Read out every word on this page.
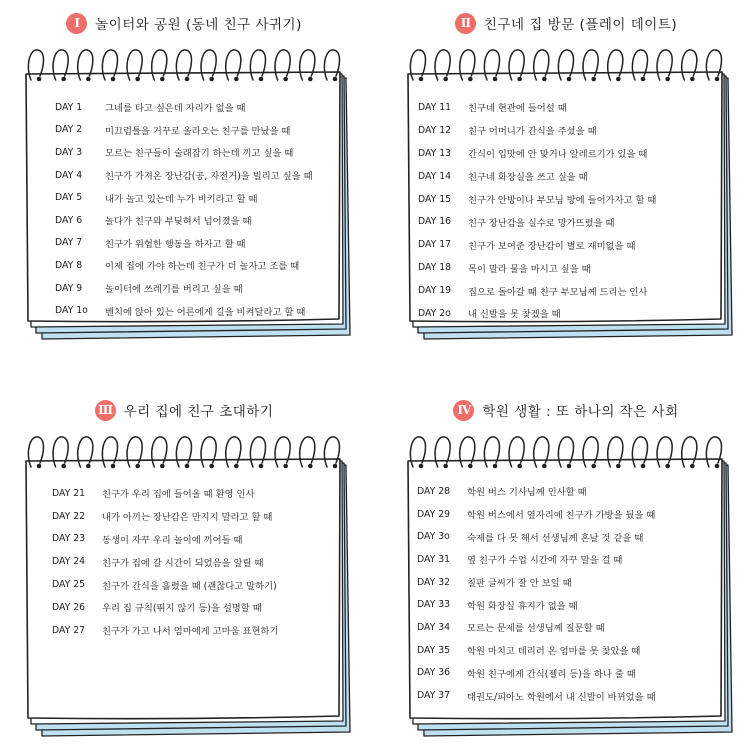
I	놀이터와 공원 (동네 친구 사귀기)
DAY 1	그네를 타고 싶은데 자리가 없을 때
DAY 2	미끄럼틀을 거꾸로 올라오는 친구를 만났을 때
DAY 3	모르는 친구들이 술래잡기 하는데 끼고 싶을 때
DAY 4	친구가 가져온 장난감(공, 자전거)을 빌리고 싶을 때
DAY 5	내가 놀고 있는데 누가 비키라고 할 때
DAY 6	놀다가 친구와 부딪혀서 넘어졌을 때
DAY 7	친구가 위험한 행동을 하자고 할 때
DAY 8	이제 집에 가야 하는데 친구가 더 놀자고 조를 때
DAY 9	놀이터에 쓰레기를 버리고 싶을 때
DAY 1o	벤치에 앉아 있는 어른에게 길을 비켜달라고 할 때
II	친구네 집 방문 (플레이 데이트)
DAY 11	친구네 현관에 들어설 때
DAY 12	친구 어머니가 간식을 주셨을 때
DAY 13	간식이 입맛에 안 맞거나 알레르기가 있을 때
DAY 14	친구네 화장실을 쓰고 싶을 때
DAY 15	친구가 안방이나 부모님 방에 들어가자고 할 때
DAY 16	친구 장난감을 실수로 망가뜨렸을 때
DAY 17	친구가 보여준 장난감이 별로 재미없을 때
DAY 18	목이 말라 물을 마시고 싶을 때
DAY 19	집으로 돌아갈 때 친구 부모님께 드리는 인사
DAY 2o	내 신발을 못 찾겠을 때
III 우리 집에 친구 초대하기
DAY 21	친구가 우리 집에 들어올 때 환영 인사
DAY 22	내가 아끼는 장난감은 만지지 말라고 할 때
DAY 23	동생이 자꾸 우리 놀이에 끼어들 때
DAY 24	친구가 집에 갈 시간이 되었음을 알릴 때
DAY 25	친구가 간식을 흘렸을 때 (괜찮다고 말하기)
DAY 26	우리 집 규칙(뛰지 않기 등)을 설명할 때
DAY 27	친구가 가고 나서 엄마에게 고마움 표현하기
IV 학원 생활 : 또 하나의 작은 사회
DAY 28	학원 버스 기사님께 인사할 때
DAY 29	학원 버스에서 옆자리에 친구가 가방을 뒀을 때
DAY 3o	숙제를 다 못 해서 선생님께 혼날 것 같을 때
DAY 31	옆 친구가 수업 시간에 자꾸 말을 걸 때
DAY 32	칠판 글씨가 잘 안 보일 때
DAY 33	학원 화장실 휴지가 없을 때
DAY 34	모르는 문제를 선생님께 질문할 때
DAY 35	학원 마치고 데리러 온 엄마를 못 찾았을 때
DAY 36	학원 친구에게 간식(젤리 등)을 하나 줄 때
DAY 37	태권도/피아노 학원에서 내 신발이 바뀌었을 때
